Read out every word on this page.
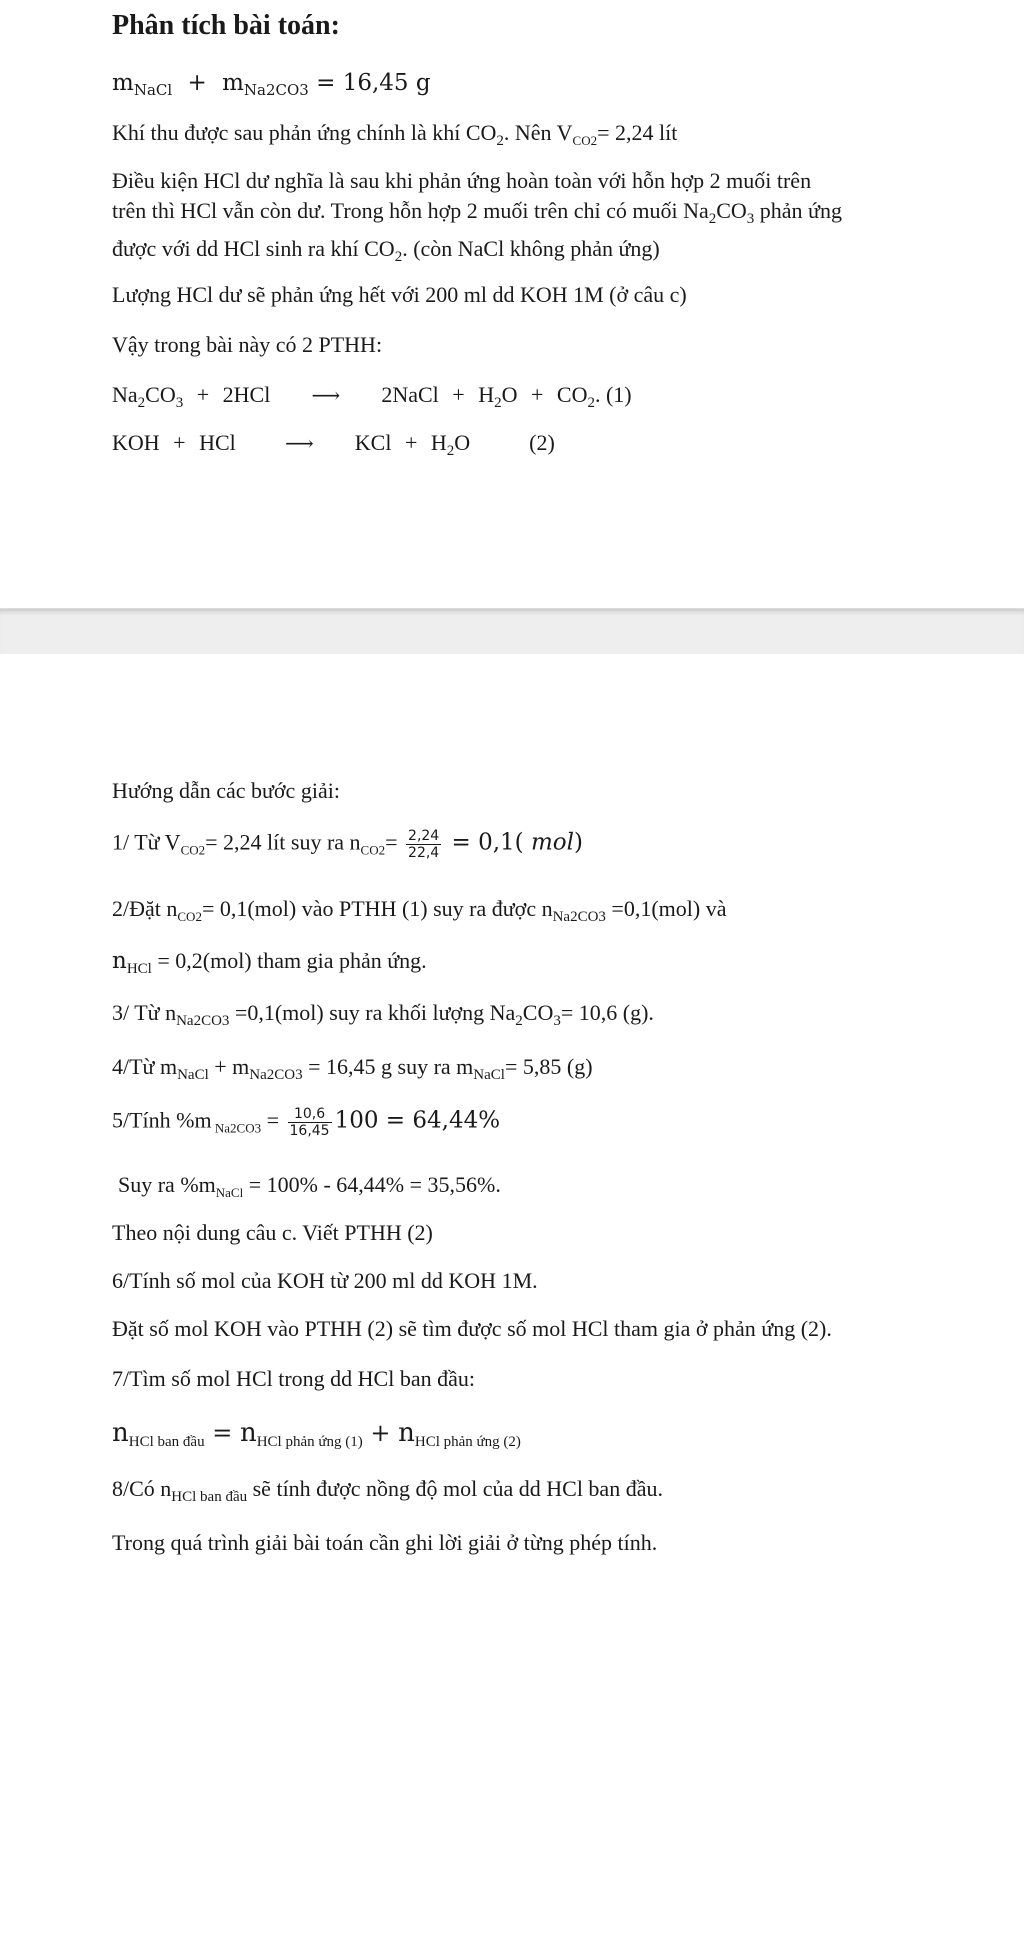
Phân tích bài toán:
$m_{NaCl} + m_{Na2CO3} = 16,45$ g
Khí thu được sau phản ứng chính là khí $CO_2$. Nên $V_{CO2}= 2,24$ lít
Điều kiện HCl dư nghĩa là sau khi phản ứng hoàn toàn với hỗn hợp 2 muối trên
trên thì HCl vẫn còn dư. Trong hỗn hợp 2 muối trên chỉ có muối $Na_2CO_3$ phản ứng
được với dd HCl sinh ra khí $CO_2$. (còn NaCl không phản ứng)
Lượng HCl dư sẽ phản ứng hết với 200 ml dd KOH 1M (ở câu c)
Vậy trong bài này có 2 PTHH:
$Na_2CO_3 + 2HCl$ ⟶ 2NaCl + $H_2O + CO_2$. (1)
KOH + HCl ⟶ KCl + $H_2O$	(2)
Hướng dẫn các bước giải:
1/ Từ $V_{CO2}= 2,24$ lít suy ra $n_{CO2}= \frac{2,24}{22,4} = 0,1$( mol)
2/Đặt $n_{CO2}= 0,1(mol)$ vào PTHH (1) suy ra được $n_{Na2CO3} =0,1(mol)$ và
$n_{HCl} = 0,2(mol)$ tham gia phản ứng.
3/ Từ $n_{Na2CO3} =0,1(mol)$ suy ra khối lượng $Na_2CO_3= 10,6$ (g).
4/Từ $m_{NaCl} + m_{Na2CO3} = 16,45$ g suy ra $m_{NaCl}= 5,85$ (g)
5/Tính %m $_{Na2CO3} = \frac{10,6}{16,45} 100 = 64,44\%$
Suy ra $\%m_{NaCl} = 100\% - 64,44\% = 35,56\%$.
Theo nội dung câu c. Viết PTHH (2)
6/Tính số mol của KOH từ 200 ml dd KOH 1M.
Đặt số mol KOH vào PTHH (2) sẽ tìm được số mol HCl tham gia ở phản ứng (2).
7/Tìm số mol HCl trong dd HCl ban đầu:
$n_{HCl ban đầu} = n_{HCl phản ứng (1)} + n_{HCl phản ứng (2)}$
8/Có $n_{HCl ban đầu}$ sẽ tính được nồng độ mol của dd HCl ban đầu.
Trong quá trình giải bài toán cần ghi lời giải ở từng phép tính.
